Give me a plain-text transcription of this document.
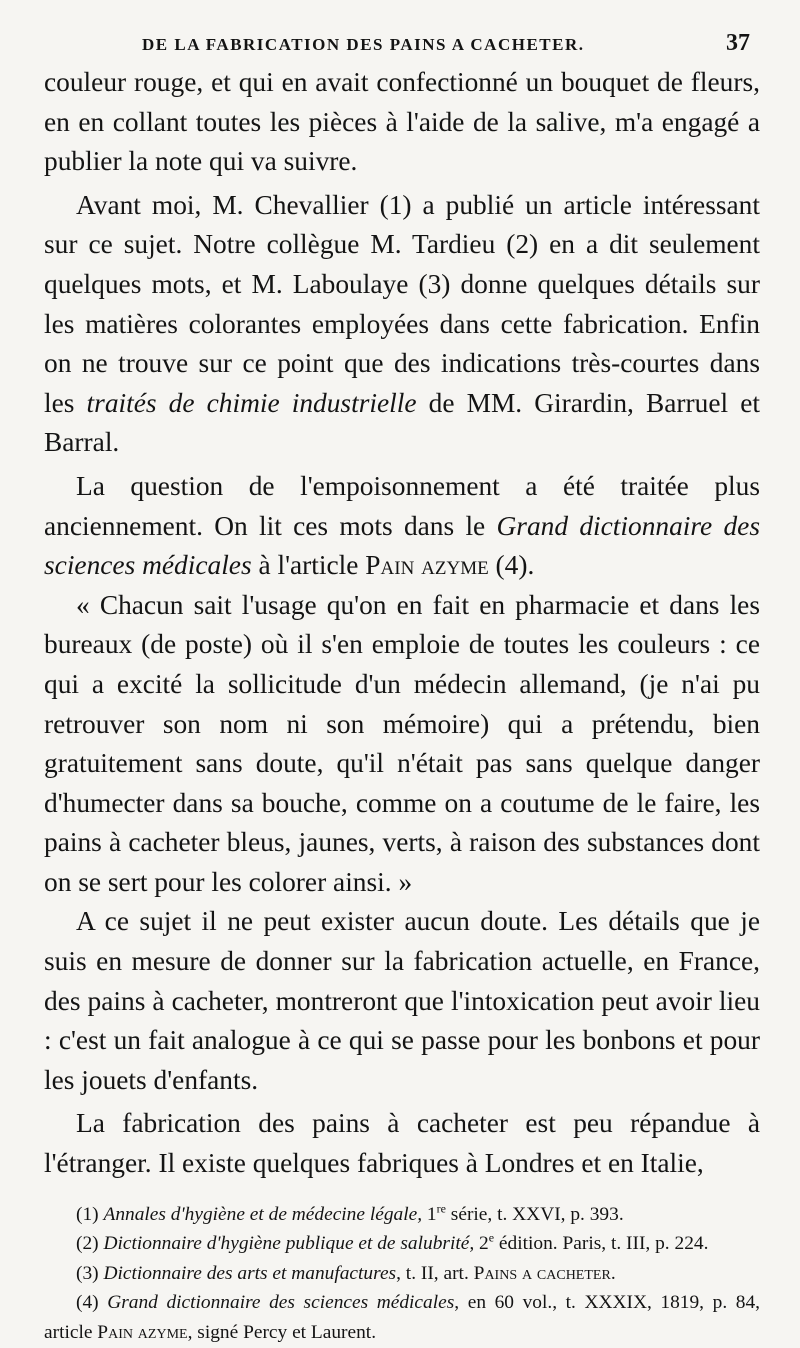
DE LA FABRICATION DES PAINS A CACHETER.	37

couleur rouge, et qui en avait confectionné un bouquet de fleurs, en en collant toutes les pièces à l'aide de la salive, m'a engagé a publier la note qui va suivre.

Avant moi, M. Chevallier (1) a publié un article intéressant sur ce sujet. Notre collègue M. Tardieu (2) en a dit seulement quelques mots, et M. Laboulaye (3) donne quelques détails sur les matières colorantes employées dans cette fabrication. Enfin on ne trouve sur ce point que des indications très-courtes dans les traités de chimie industrielle de MM. Girardin, Barruel et Barral.

La question de l'empoisonnement a été traitée plus anciennement. On lit ces mots dans le Grand dictionnaire des sciences médicales à l'article Pain azyme (4).

« Chacun sait l'usage qu'on en fait en pharmacie et dans les bureaux (de poste) où il s'en emploie de toutes les couleurs : ce qui a excité la sollicitude d'un médecin allemand, (je n'ai pu retrouver son nom ni son mémoire) qui a prétendu, bien gratuitement sans doute, qu'il n'était pas sans quelque danger d'humecter dans sa bouche, comme on a coutume de le faire, les pains à cacheter bleus, jaunes, verts, à raison des substances dont on se sert pour les colorer ainsi. »

A ce sujet il ne peut exister aucun doute. Les détails que je suis en mesure de donner sur la fabrication actuelle, en France, des pains à cacheter, montreront que l'intoxication peut avoir lieu : c'est un fait analogue à ce qui se passe pour les bonbons et pour les jouets d'enfants.

La fabrication des pains à cacheter est peu répandue à l'étranger. Il existe quelques fabriques à Londres et en Italie,

(1) Annales d'hygiène et de médecine légale, 1re série, t. XXVI, p. 393.

(2) Dictionnaire d'hygiène publique et de salubrité, 2e édition. Paris, t. III, p. 224.

(3) Dictionnaire des arts et manufactures, t. II, art. Pains a cacheter.

(4) Grand dictionnaire des sciences médicales, en 60 vol., t. XXXIX, 1819, p. 84, article Pain azyme, signé Percy et Laurent.
